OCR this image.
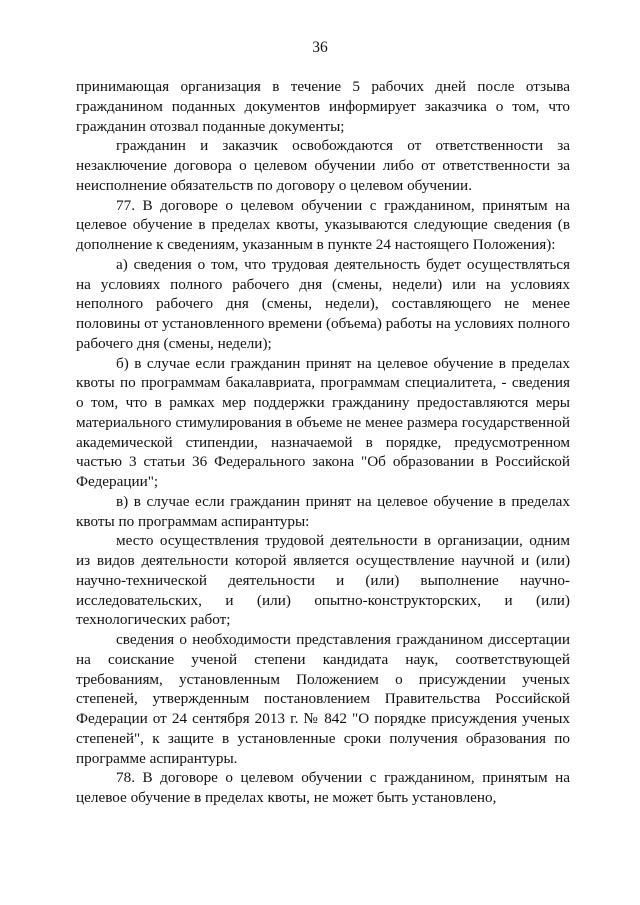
36

принимающая организация в течение 5 рабочих дней после отзыва гражданином поданных документов информирует заказчика о том, что гражданин отозвал поданные документы;

гражданин и заказчик освобождаются от ответственности за незаключение договора о целевом обучении либо от ответственности за неисполнение обязательств по договору о целевом обучении.

77. В договоре о целевом обучении с гражданином, принятым на целевое обучение в пределах квоты, указываются следующие сведения (в дополнение к сведениям, указанным в пункте 24 настоящего Положения):

а) сведения о том, что трудовая деятельность будет осуществляться на условиях полного рабочего дня (смены, недели) или на условиях неполного рабочего дня (смены, недели), составляющего не менее половины от установленного времени (объема) работы на условиях полного рабочего дня (смены, недели);

б) в случае если гражданин принят на целевое обучение в пределах квоты по программам бакалавриата, программам специалитета, - сведения о том, что в рамках мер поддержки гражданину предоставляются меры материального стимулирования в объеме не менее размера государственной академической стипендии, назначаемой в порядке, предусмотренном частью 3 статьи 36 Федерального закона "Об образовании в Российской Федерации";

в) в случае если гражданин принят на целевое обучение в пределах квоты по программам аспирантуры:

место осуществления трудовой деятельности в организации, одним из видов деятельности которой является осуществление научной и (или) научно-технической деятельности и (или) выполнение научно-исследовательских, и (или) опытно-конструкторских, и (или) технологических работ;

сведения о необходимости представления гражданином диссертации на соискание ученой степени кандидата наук, соответствующей требованиям, установленным Положением о присуждении ученых степеней, утвержденным постановлением Правительства Российской Федерации от 24 сентября 2013 г. № 842 "О порядке присуждения ученых степеней", к защите в установленные сроки получения образования по программе аспирантуры.

78. В договоре о целевом обучении с гражданином, принятым на целевое обучение в пределах квоты, не может быть установлено,
